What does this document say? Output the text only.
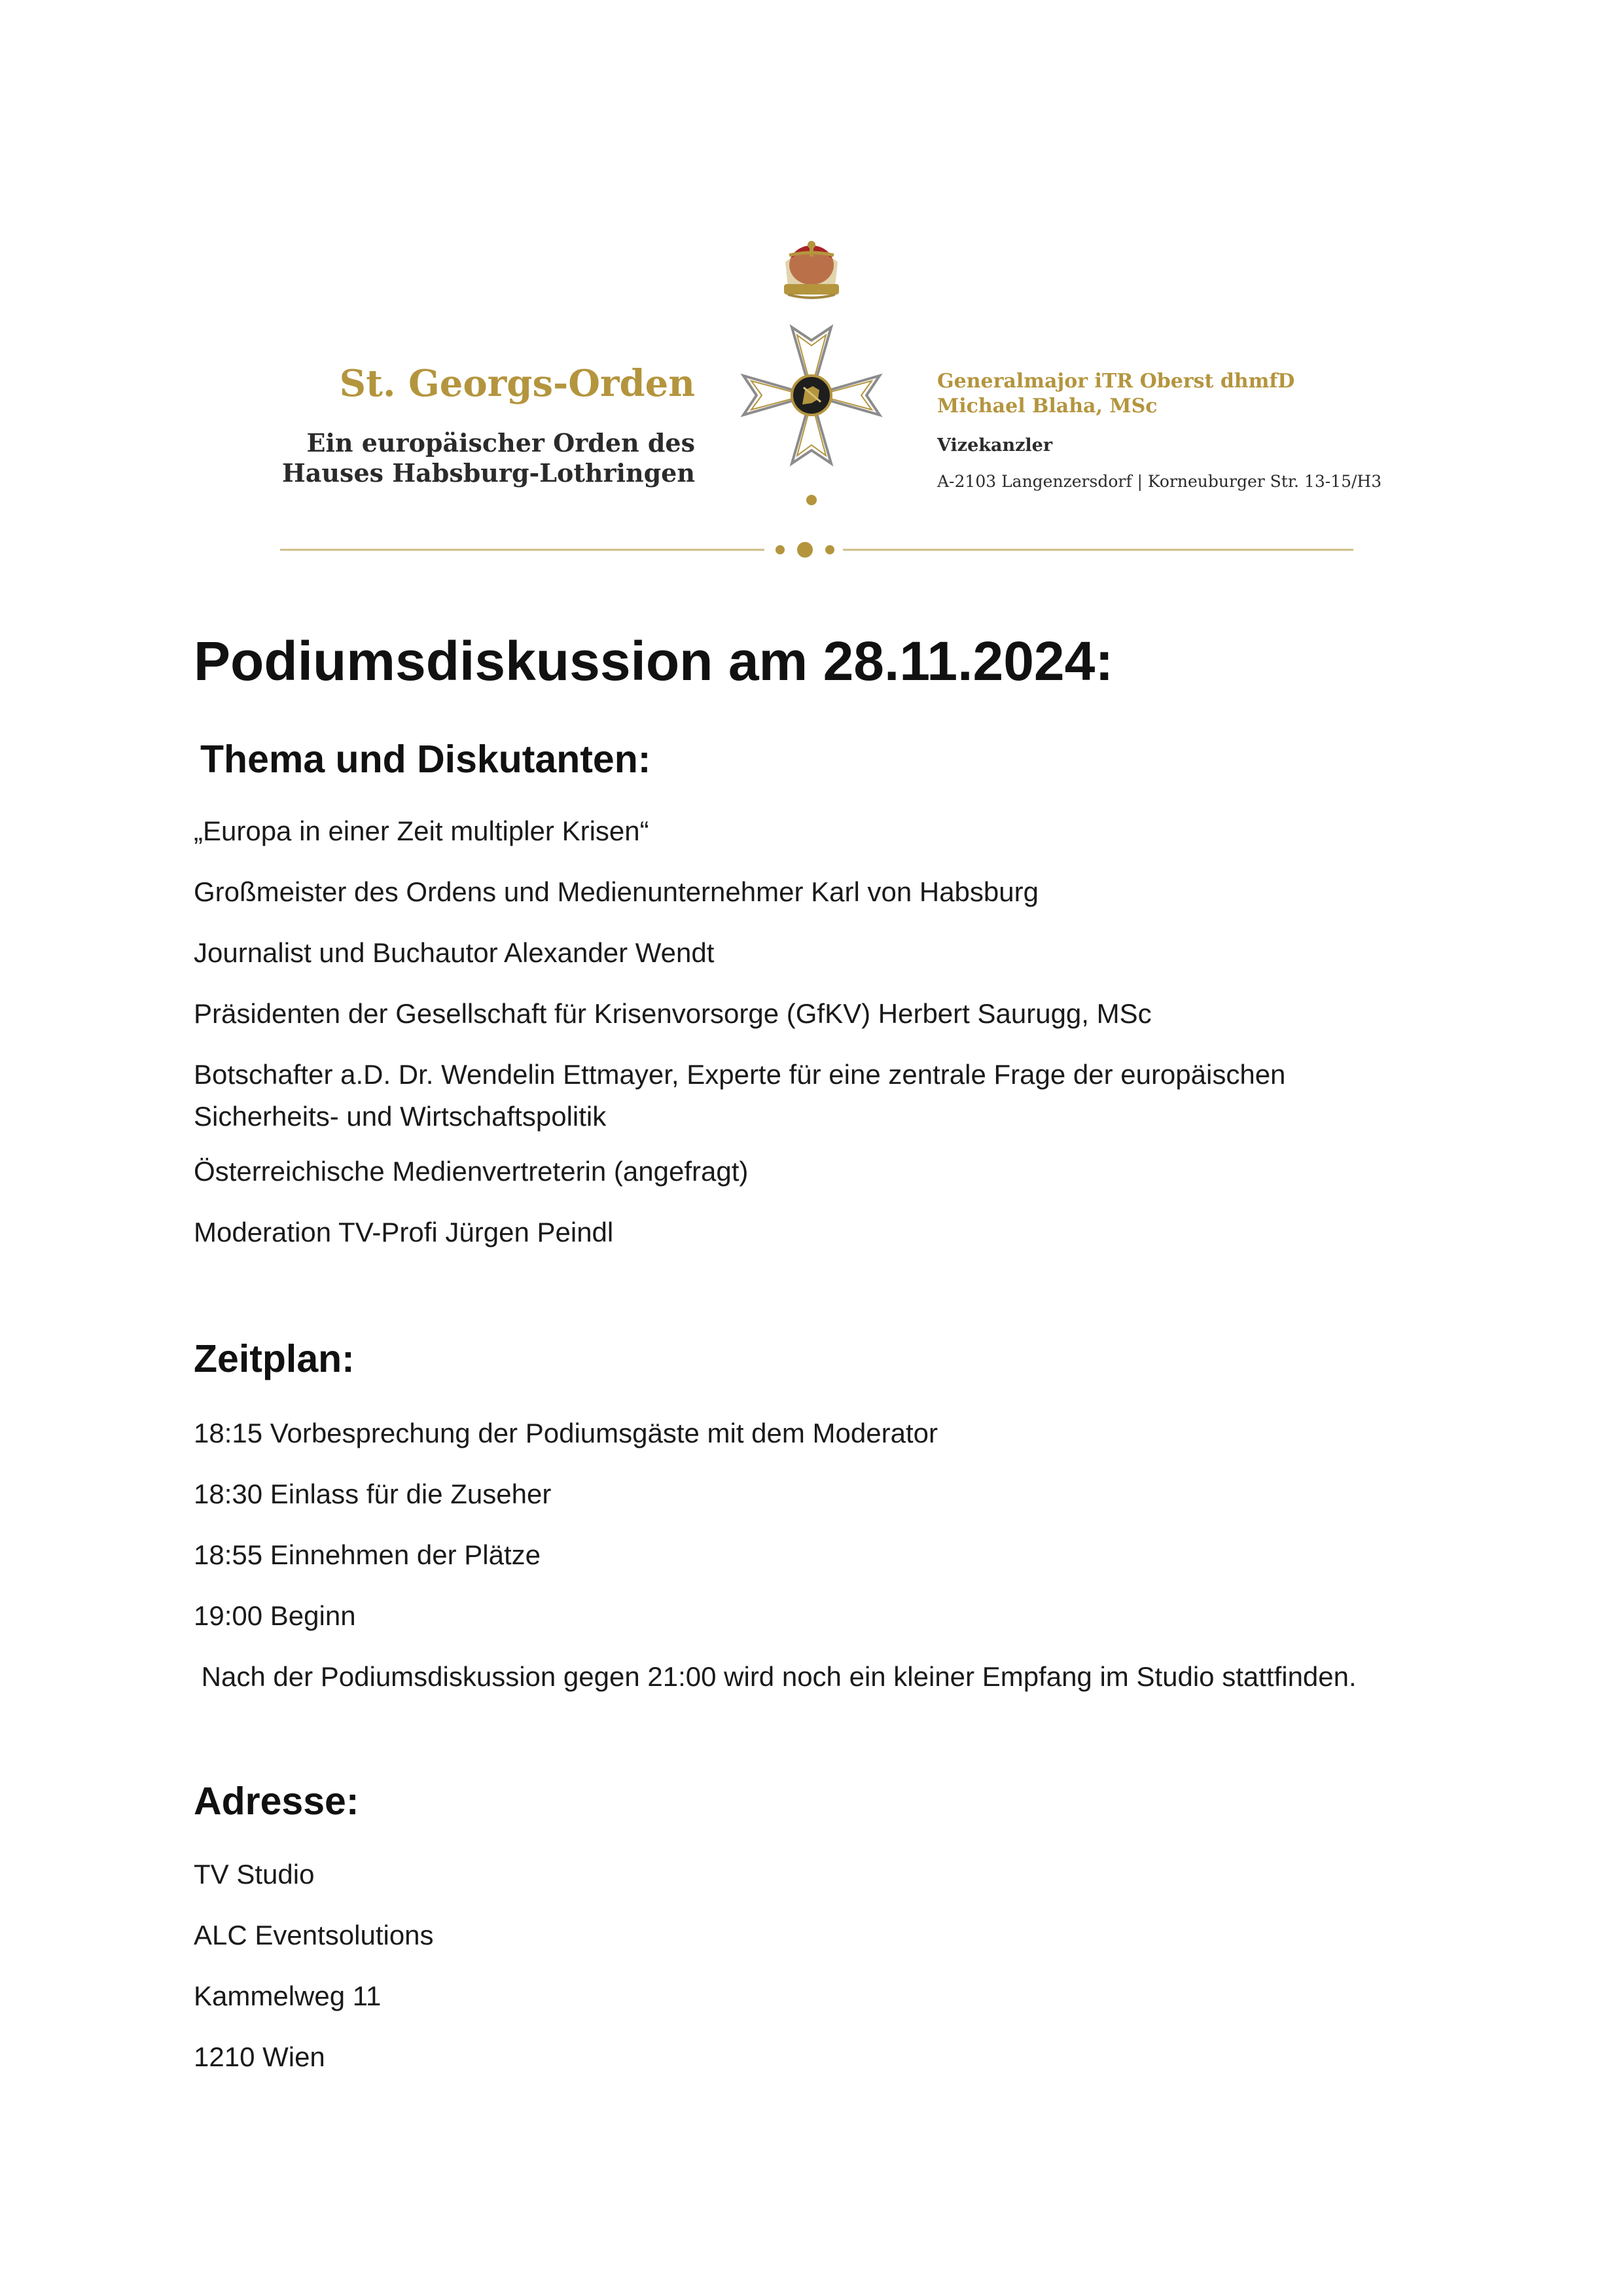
St. Georgs-Orden
Ein europäischer Orden des
Hauses Habsburg-Lothringen
Generalmajor iTR Oberst dhmfD
Michael Blaha, MSc
Vizekanzler
A-2103 Langenzersdorf | Korneuburger Str. 13-15/H3
Podiumsdiskussion am 28.11.2024:
Thema und Diskutanten:
„Europa in einer Zeit multipler Krisen“
Großmeister des Ordens und Medienunternehmer Karl von Habsburg
Journalist und Buchautor Alexander Wendt
Präsidenten der Gesellschaft für Krisenvorsorge (GfKV) Herbert Saurugg, MSc
Botschafter a.D. Dr. Wendelin Ettmayer, Experte für eine zentrale Frage der europäischen Sicherheits- und Wirtschaftspolitik
Österreichische Medienvertreterin (angefragt)
Moderation TV-Profi Jürgen Peindl
Zeitplan:
18:15 Vorbesprechung der Podiumsgäste mit dem Moderator
18:30 Einlass für die Zuseher
18:55 Einnehmen der Plätze
19:00 Beginn
Nach der Podiumsdiskussion gegen 21:00 wird noch ein kleiner Empfang im Studio stattfinden.
Adresse:
TV Studio
ALC Eventsolutions
Kammelweg 11
1210 Wien
